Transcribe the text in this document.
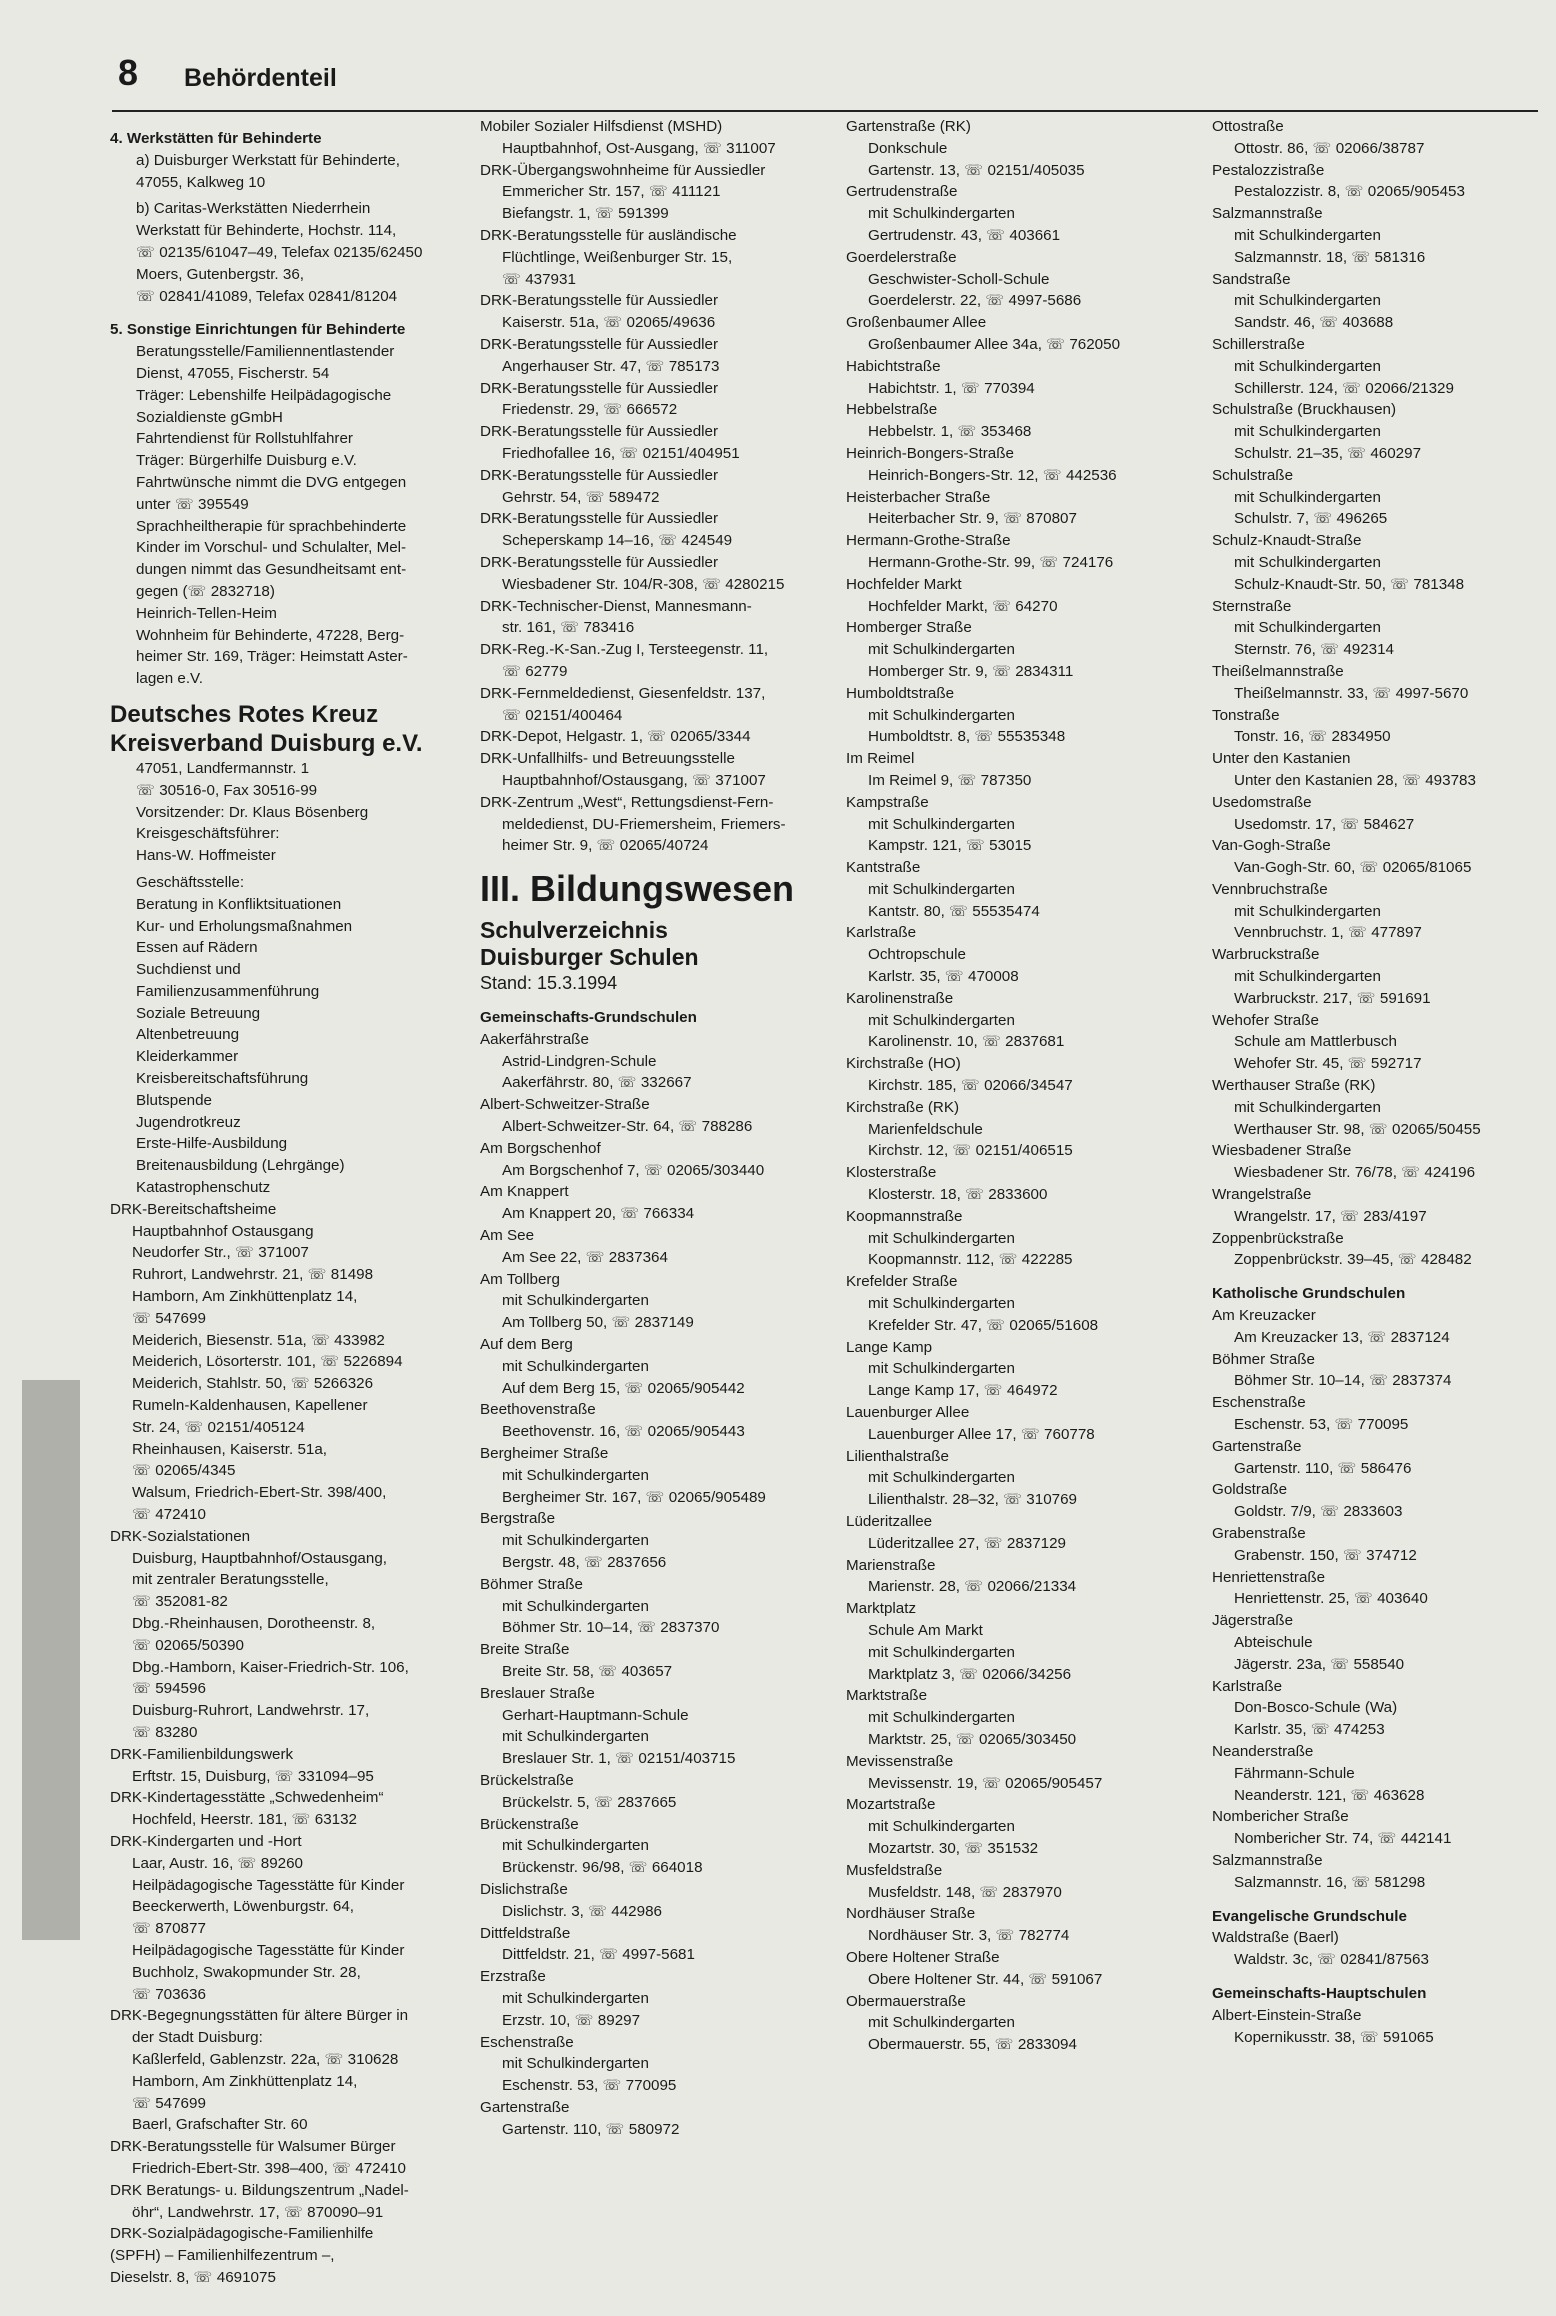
8 Behördenteil
4. Werkstätten für Behinderte
a) Duisburger Werkstatt für Behinderte,
47055, Kalkweg 10
b) Caritas-Werkstätten Niederrhein
Werkstatt für Behinderte, Hochstr. 114,
☏ 02135/61047–49, Telefax 02135/62450
Moers, Gutenbergstr. 36,
☏ 02841/41089, Telefax 02841/81204
5. Sonstige Einrichtungen für Behinderte
Beratungsstelle/Familiennentlastender
Dienst, 47055, Fischerstr. 54
Träger: Lebenshilfe Heilpädagogische
Sozialdienste gGmbH
Fahrtendienst für Rollstuhlfahrer
Träger: Bürgerhilfe Duisburg e.V.
Fahrtwünsche nimmt die DVG entgegen
unter ☏ 395549
Sprachheiltherapie für sprachbehinderte
Kinder im Vorschul- und Schulalter, Mel-
dungen nimmt das Gesundheitsamt ent-
gegen (☏ 2832718)
Heinrich-Tellen-Heim
Wohnheim für Behinderte, 47228, Berg-
heimer Str. 169, Träger: Heimstatt Aster-
lagen e.V.
Deutsches Rotes Kreuz
Kreisverband Duisburg e.V.
47051, Landfermannstr. 1
☏ 30516-0, Fax 30516-99
Vorsitzender: Dr. Klaus Bösenberg
Kreisgeschäftsführer:
Hans-W. Hoffmeister
Geschäftsstelle:
Beratung in Konfliktsituationen
Kur- und Erholungsmaßnahmen
Essen auf Rädern
Suchdienst und
Familienzusammenführung
Soziale Betreuung
Altenbetreuung
Kleiderkammer
Kreisbereitschaftsführung
Blutspende
Jugendrotkreuz
Erste-Hilfe-Ausbildung
Breitenausbildung (Lehrgänge)
Katastrophenschutz
DRK-Bereitschaftsheime
Hauptbahnhof Ostausgang
Neudorfer Str., ☏ 371007
Ruhrort, Landwehrstr. 21, ☏ 81498
Hamborn, Am Zinkhüttenplatz 14,
☏ 547699
Meiderich, Biesenstr. 51a, ☏ 433982
Meiderich, Lösorterstr. 101, ☏ 5226894
Meiderich, Stahlstr. 50, ☏ 5266326
Rumeln-Kaldenhausen, Kapellener
Str. 24, ☏ 02151/405124
Rheinhausen, Kaiserstr. 51a,
☏ 02065/4345
Walsum, Friedrich-Ebert-Str. 398/400,
☏ 472410
DRK-Sozialstationen
Duisburg, Hauptbahnhof/Ostausgang,
mit zentraler Beratungsstelle,
☏ 352081-82
Dbg.-Rheinhausen, Dorotheenstr. 8,
☏ 02065/50390
Dbg.-Hamborn, Kaiser-Friedrich-Str. 106,
☏ 594596
Duisburg-Ruhrort, Landwehrstr. 17,
☏ 83280
DRK-Familienbildungswerk
Erftstr. 15, Duisburg, ☏ 331094–95
DRK-Kindertagesstätte „Schwedenheim“
Hochfeld, Heerstr. 181, ☏ 63132
DRK-Kindergarten und -Hort
Laar, Austr. 16, ☏ 89260
Heilpädagogische Tagesstätte für Kinder
Beeckerwerth, Löwenburgstr. 64,
☏ 870877
Heilpädagogische Tagesstätte für Kinder
Buchholz, Swakopmunder Str. 28,
☏ 703636
DRK-Begegnungsstätten für ältere Bürger in
der Stadt Duisburg:
Kaßlerfeld, Gablenzstr. 22a, ☏ 310628
Hamborn, Am Zinkhüttenplatz 14,
☏ 547699
Baerl, Grafschafter Str. 60
DRK-Beratungsstelle für Walsumer Bürger
Friedrich-Ebert-Str. 398–400, ☏ 472410
DRK Beratungs- u. Bildungszentrum „Nadel-
öhr“, Landwehrstr. 17, ☏ 870090–91
DRK-Sozialpädagogische-Familienhilfe
(SPFH) – Familienhilfezentrum –,
Dieselstr. 8, ☏ 4691075
Mobiler Sozialer Hilfsdienst (MSHD)
Hauptbahnhof, Ost-Ausgang, ☏ 311007
DRK-Übergangswohnheime für Aussiedler
Emmericher Str. 157, ☏ 411121
Biefangstr. 1, ☏ 591399
DRK-Beratungsstelle für ausländische
Flüchtlinge, Weißenburger Str. 15,
☏ 437931
DRK-Beratungsstelle für Aussiedler
Kaiserstr. 51a, ☏ 02065/49636
DRK-Beratungsstelle für Aussiedler
Angerhauser Str. 47, ☏ 785173
DRK-Beratungsstelle für Aussiedler
Friedenstr. 29, ☏ 666572
DRK-Beratungsstelle für Aussiedler
Friedhofallee 16, ☏ 02151/404951
DRK-Beratungsstelle für Aussiedler
Gehrstr. 54, ☏ 589472
DRK-Beratungsstelle für Aussiedler
Scheperskamp 14–16, ☏ 424549
DRK-Beratungsstelle für Aussiedler
Wiesbadener Str. 104/R-308, ☏ 4280215
DRK-Technischer-Dienst, Mannesmann-
str. 161, ☏ 783416
DRK-Reg.-K-San.-Zug I, Tersteegenstr. 11,
☏ 62779
DRK-Fernmeldedienst, Giesenfeldstr. 137,
☏ 02151/400464
DRK-Depot, Helgastr. 1, ☏ 02065/3344
DRK-Unfallhilfs- und Betreuungsstelle
Hauptbahnhof/Ostausgang, ☏ 371007
DRK-Zentrum „West“, Rettungsdienst-Fern-
meldedienst, DU-Friemersheim, Friemers-
heimer Str. 9, ☏ 02065/40724
III. Bildungswesen
Schulverzeichnis
Duisburger Schulen
Stand: 15.3.1994
Gemeinschafts-Grundschulen
Aakerfährstraße
Astrid-Lindgren-Schule
Aakerfährstr. 80, ☏ 332667
Albert-Schweitzer-Straße
Albert-Schweitzer-Str. 64, ☏ 788286
Am Borgschenhof
Am Borgschenhof 7, ☏ 02065/303440
Am Knappert
Am Knappert 20, ☏ 766334
Am See
Am See 22, ☏ 2837364
Am Tollberg
mit Schulkindergarten
Am Tollberg 50, ☏ 2837149
Auf dem Berg
mit Schulkindergarten
Auf dem Berg 15, ☏ 02065/905442
Beethovenstraße
Beethovenstr. 16, ☏ 02065/905443
Bergheimer Straße
mit Schulkindergarten
Bergheimer Str. 167, ☏ 02065/905489
Bergstraße
mit Schulkindergarten
Bergstr. 48, ☏ 2837656
Böhmer Straße
mit Schulkindergarten
Böhmer Str. 10–14, ☏ 2837370
Breite Straße
Breite Str. 58, ☏ 403657
Breslauer Straße
Gerhart-Hauptmann-Schule
mit Schulkindergarten
Breslauer Str. 1, ☏ 02151/403715
Brückelstraße
Brückelstr. 5, ☏ 2837665
Brückenstraße
mit Schulkindergarten
Brückenstr. 96/98, ☏ 664018
Dislichstraße
Dislichstr. 3, ☏ 442986
Dittfeldstraße
Dittfeldstr. 21, ☏ 4997-5681
Erzstraße
mit Schulkindergarten
Erzstr. 10, ☏ 89297
Eschenstraße
mit Schulkindergarten
Eschenstr. 53, ☏ 770095
Gartenstraße
Gartenstr. 110, ☏ 580972
Gartenstraße (RK)
Donkschule
Gartenstr. 13, ☏ 02151/405035
Gertrudenstraße
mit Schulkindergarten
Gertrudenstr. 43, ☏ 403661
Goerdelerstraße
Geschwister-Scholl-Schule
Goerdelerstr. 22, ☏ 4997-5686
Großenbaumer Allee
Großenbaumer Allee 34a, ☏ 762050
Habichtstraße
Habichtstr. 1, ☏ 770394
Hebbelstraße
Hebbelstr. 1, ☏ 353468
Heinrich-Bongers-Straße
Heinrich-Bongers-Str. 12, ☏ 442536
Heisterbacher Straße
Heiterbacher Str. 9, ☏ 870807
Hermann-Grothe-Straße
Hermann-Grothe-Str. 99, ☏ 724176
Hochfelder Markt
Hochfelder Markt, ☏ 64270
Homberger Straße
mit Schulkindergarten
Homberger Str. 9, ☏ 2834311
Humboldtstraße
mit Schulkindergarten
Humboldtstr. 8, ☏ 55535348
Im Reimel
Im Reimel 9, ☏ 787350
Kampstraße
mit Schulkindergarten
Kampstr. 121, ☏ 53015
Kantstraße
mit Schulkindergarten
Kantstr. 80, ☏ 55535474
Karlstraße
Ochtropschule
Karlstr. 35, ☏ 470008
Karolinenstraße
mit Schulkindergarten
Karolinenstr. 10, ☏ 2837681
Kirchstraße (HO)
Kirchstr. 185, ☏ 02066/34547
Kirchstraße (RK)
Marienfeldschule
Kirchstr. 12, ☏ 02151/406515
Klosterstraße
Klosterstr. 18, ☏ 2833600
Koopmannstraße
mit Schulkindergarten
Koopmannstr. 112, ☏ 422285
Krefelder Straße
mit Schulkindergarten
Krefelder Str. 47, ☏ 02065/51608
Lange Kamp
mit Schulkindergarten
Lange Kamp 17, ☏ 464972
Lauenburger Allee
Lauenburger Allee 17, ☏ 760778
Lilienthalstraße
mit Schulkindergarten
Lilienthalstr. 28–32, ☏ 310769
Lüderitzallee
Lüderitzallee 27, ☏ 2837129
Marienstraße
Marienstr. 28, ☏ 02066/21334
Marktplatz
Schule Am Markt
mit Schulkindergarten
Marktplatz 3, ☏ 02066/34256
Marktstraße
mit Schulkindergarten
Marktstr. 25, ☏ 02065/303450
Mevissenstraße
Mevissenstr. 19, ☏ 02065/905457
Mozartstraße
mit Schulkindergarten
Mozartstr. 30, ☏ 351532
Musfeldstraße
Musfeldstr. 148, ☏ 2837970
Nordhäuser Straße
Nordhäuser Str. 3, ☏ 782774
Obere Holtener Straße
Obere Holtener Str. 44, ☏ 591067
Obermauerstraße
mit Schulkindergarten
Obermauerstr. 55, ☏ 2833094
Ottostraße
Ottostr. 86, ☏ 02066/38787
Pestalozzistraße
Pestalozzistr. 8, ☏ 02065/905453
Salzmannstraße
mit Schulkindergarten
Salzmannstr. 18, ☏ 581316
Sandstraße
mit Schulkindergarten
Sandstr. 46, ☏ 403688
Schillerstraße
mit Schulkindergarten
Schillerstr. 124, ☏ 02066/21329
Schulstraße (Bruckhausen)
mit Schulkindergarten
Schulstr. 21–35, ☏ 460297
Schulstraße
mit Schulkindergarten
Schulstr. 7, ☏ 496265
Schulz-Knaudt-Straße
mit Schulkindergarten
Schulz-Knaudt-Str. 50, ☏ 781348
Sternstraße
mit Schulkindergarten
Sternstr. 76, ☏ 492314
Theißelmannstraße
Theißelmannstr. 33, ☏ 4997-5670
Tonstraße
Tonstr. 16, ☏ 2834950
Unter den Kastanien
Unter den Kastanien 28, ☏ 493783
Usedomstraße
Usedomstr. 17, ☏ 584627
Van-Gogh-Straße
Van-Gogh-Str. 60, ☏ 02065/81065
Vennbruchstraße
mit Schulkindergarten
Vennbruchstr. 1, ☏ 477897
Warbruckstraße
mit Schulkindergarten
Warbruckstr. 217, ☏ 591691
Wehofer Straße
Schule am Mattlerbusch
Wehofer Str. 45, ☏ 592717
Werthauser Straße (RK)
mit Schulkindergarten
Werthauser Str. 98, ☏ 02065/50455
Wiesbadener Straße
Wiesbadener Str. 76/78, ☏ 424196
Wrangelstraße
Wrangelstr. 17, ☏ 283/4197
Zoppenbrückstraße
Zoppenbrückstr. 39–45, ☏ 428482
Katholische Grundschulen
Am Kreuzacker
Am Kreuzacker 13, ☏ 2837124
Böhmer Straße
Böhmer Str. 10–14, ☏ 2837374
Eschenstraße
Eschenstr. 53, ☏ 770095
Gartenstraße
Gartenstr. 110, ☏ 586476
Goldstraße
Goldstr. 7/9, ☏ 2833603
Grabenstraße
Grabenstr. 150, ☏ 374712
Henriettenstraße
Henriettenstr. 25, ☏ 403640
Jägerstraße
Abteischule
Jägerstr. 23a, ☏ 558540
Karlstraße
Don-Bosco-Schule (Wa)
Karlstr. 35, ☏ 474253
Neanderstraße
Fährmann-Schule
Neanderstr. 121, ☏ 463628
Nombericher Straße
Nombericher Str. 74, ☏ 442141
Salzmannstraße
Salzmannstr. 16, ☏ 581298
Evangelische Grundschule
Waldstraße (Baerl)
Waldstr. 3c, ☏ 02841/87563
Gemeinschafts-Hauptschulen
Albert-Einstein-Straße
Kopernikusstr. 38, ☏ 591065
